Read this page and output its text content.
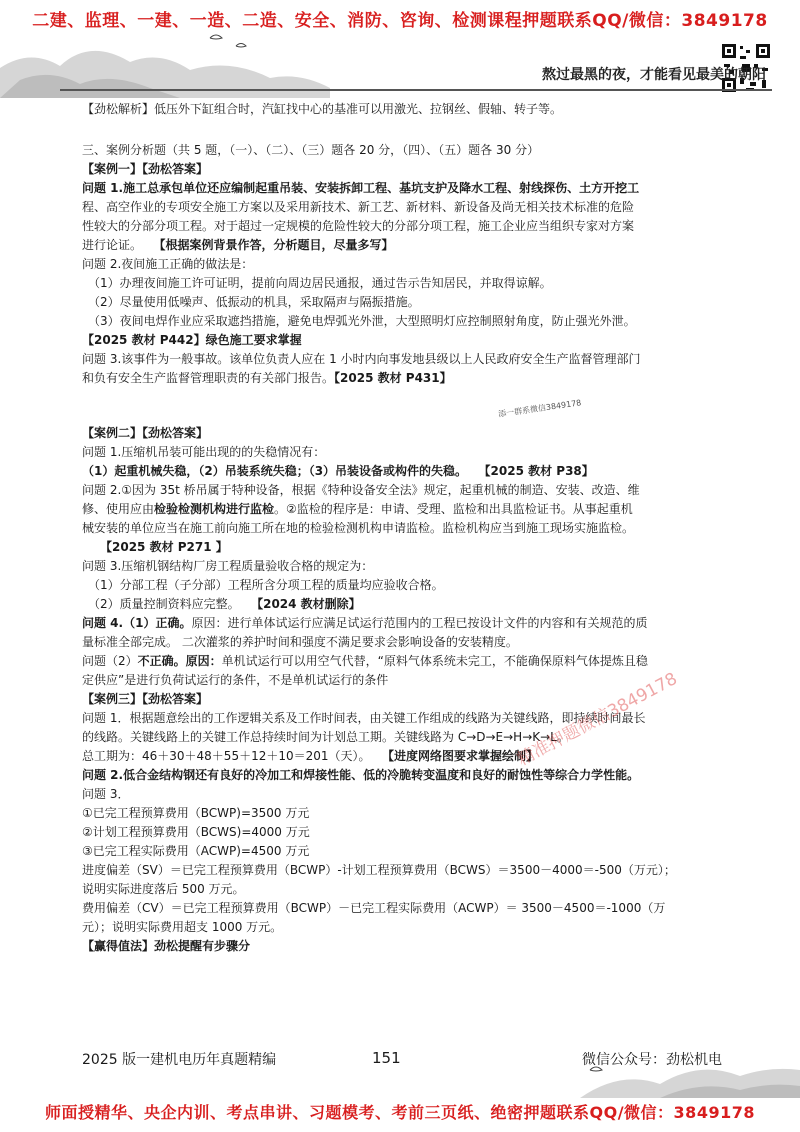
二建、监理、一建、一造、二造、安全、消防、咨询、检测课程押题联系QQ/微信：3849178
熬过最黑的夜，才能看见最美的朝阳

【劲松解析】低压外下缸组合时，汽缸找中心的基准可以用激光、拉钢丝、假轴、转子等。

三、案例分析题（共 5 题，（一）、（二）、（三）题各 20 分，（四）、（五）题各 30 分）

【案例一】【劲松答案】

问题 1.施工总承包单位还应编制起重吊装、安装拆卸工程、基坑支护及降水工程、射线探伤、土方开挖工

程、高空作业的专项安全施工方案以及采用新技术、新工艺、新材料、新设备及尚无相关技术标准的危险

性较大的分部分项工程。对于超过一定规模的危险性较大的分部分项工程，施工企业应当组织专家对方案

进行论证。 【根据案例背景作答，分析题目，尽量多写】

问题 2.夜间施工正确的做法是：

（1）办理夜间施工许可证明，提前向周边居民通报，通过告示告知居民，并取得谅解。

（2）尽量使用低噪声、低振动的机具，采取隔声与隔振措施。

（3）夜间电焊作业应采取遮挡措施，避免电焊弧光外泄，大型照明灯应控制照射角度，防止强光外泄。

【2025 教材 P442】绿色施工要求掌握

问题 3.该事件为一般事故。该单位负责人应在 1 小时内向事发地县级以上人民政府安全生产监督管理部门

和负有安全生产监督管理职责的有关部门报告。【2025 教材 P431】

【案例二】【劲松答案】

问题 1.压缩机吊装可能出现的的失稳情况有：

（1）起重机械失稳，（2）吊装系统失稳；（3）吊装设备或构件的失稳。 【2025 教材 P38】

问题 2.①因为 35t 桥吊属于特种设备，根据《特种设备安全法》规定，起重机械的制造、安装、改造、维

修、使用应由检验检测机构进行监检。②监检的程序是：申请、受理、监检和出具监检证书。从事起重机

械安装的单位应当在施工前向施工所在地的检验检测机构申请监检。监检机构应当到施工现场实施监检。

【2025 教材 P271 】

问题 3.压缩机钢结构厂房工程质量验收合格的规定为：

（1）分部工程（子分部）工程所含分项工程的质量均应验收合格。

（2）质量控制资料应完整。 【2024 教材删除】

问题 4.（1）正确。原因：进行单体试运行应满足试运行范围内的工程已按设计文件的内容和有关规范的质

量标准全部完成。 二次灌浆的养护时间和强度不满足要求会影响设备的安装精度。

问题（2）不正确。原因：单机试运行可以用空气代替，“原料气体系统未完工，不能确保原料气体提炼且稳

定供应”是进行负荷试运行的条件，不是单机试运行的条件

【案例三】【劲松答案】

问题 1．根据题意绘出的工作逻辑关系及工作时间表，由关键工作组成的线路为关键线路，即持续时间最长

的线路。关键线路上的关键工作总持续时间为计划总工期。关键线路为 C→D→E→H→K→L。

总工期为：46＋30＋48＋55＋12＋10＝201（天）。 【进度网络图要求掌握绘制】

问题 2.低合金结构钢还有良好的冷加工和焊接性能、低的冷脆转变温度和良好的耐蚀性等综合力学性能。

问题 3．

①已完工程预算费用（BCWP)=3500 万元

②计划工程预算费用（BCWS)=4000 万元

③已完工程实际费用（ACWP)=4500 万元

进度偏差（SV）＝已完工程预算费用（BCWP）-计划工程预算费用（BCWS）＝3500－4000＝-500（万元）；

说明实际进度落后 500 万元。

费用偏差（CV）＝已完工程预算费用（BCWP）－已完工程实际费用（ACWP）＝ 3500－4500＝-1000（万

元）；说明实际费用超支 1000 万元。

【赢得值法】劲松提醒有步骤分

添一群系微信3849178
精准押题微信3849178
2025 版一建机电历年真题精编	151	微信公众号：劲松机电
师面授精华、央企内训、考点串讲、习题模考、考前三页纸、绝密押题联系QQ/微信：3849178
